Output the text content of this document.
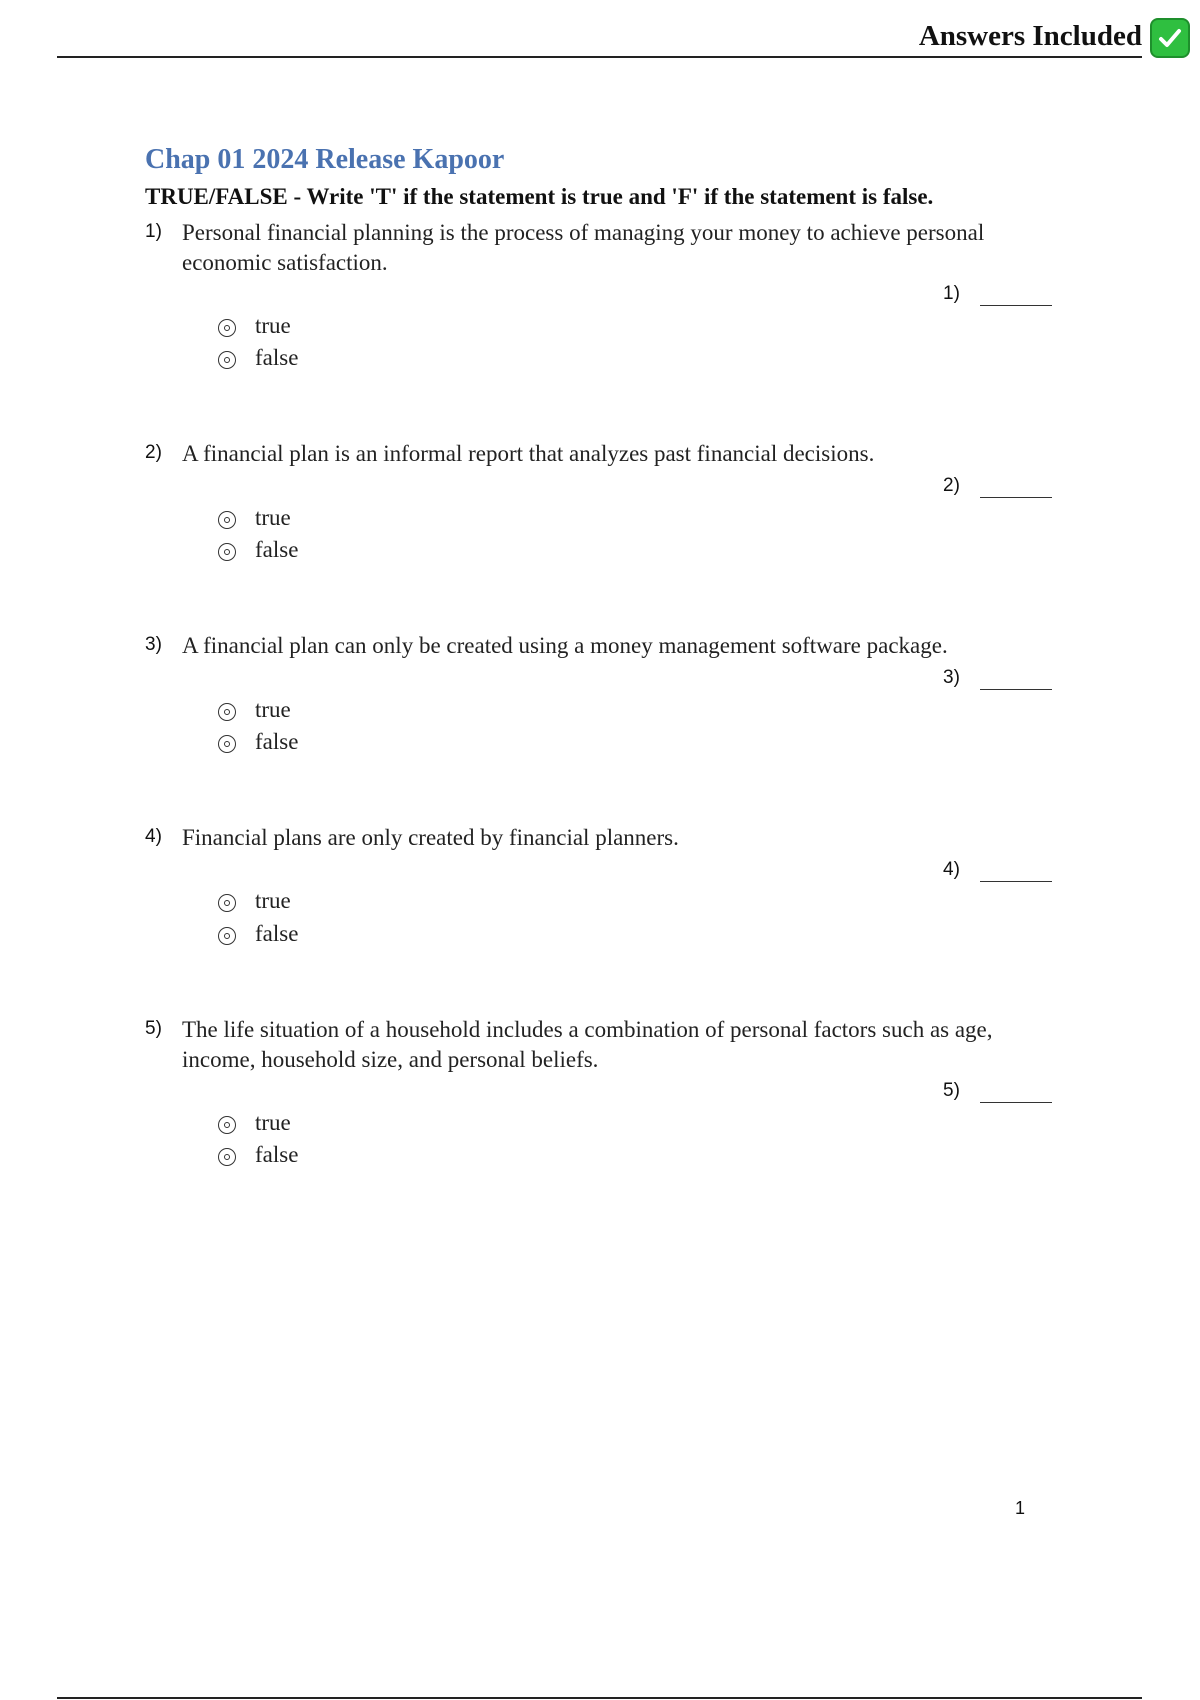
Answers Included
Chap 01 2024 Release Kapoor
TRUE/FALSE - Write 'T' if the statement is true and 'F' if the statement is false.
1) Personal financial planning is the process of managing your money to achieve personal economic satisfaction.
1)
true
false
2) A financial plan is an informal report that analyzes past financial decisions.
2)
true
false
3) A financial plan can only be created using a money management software package.
3)
true
false
4) Financial plans are only created by financial planners.
4)
true
false
5) The life situation of a household includes a combination of personal factors such as age, income, household size, and personal beliefs.
5)
true
false
1
